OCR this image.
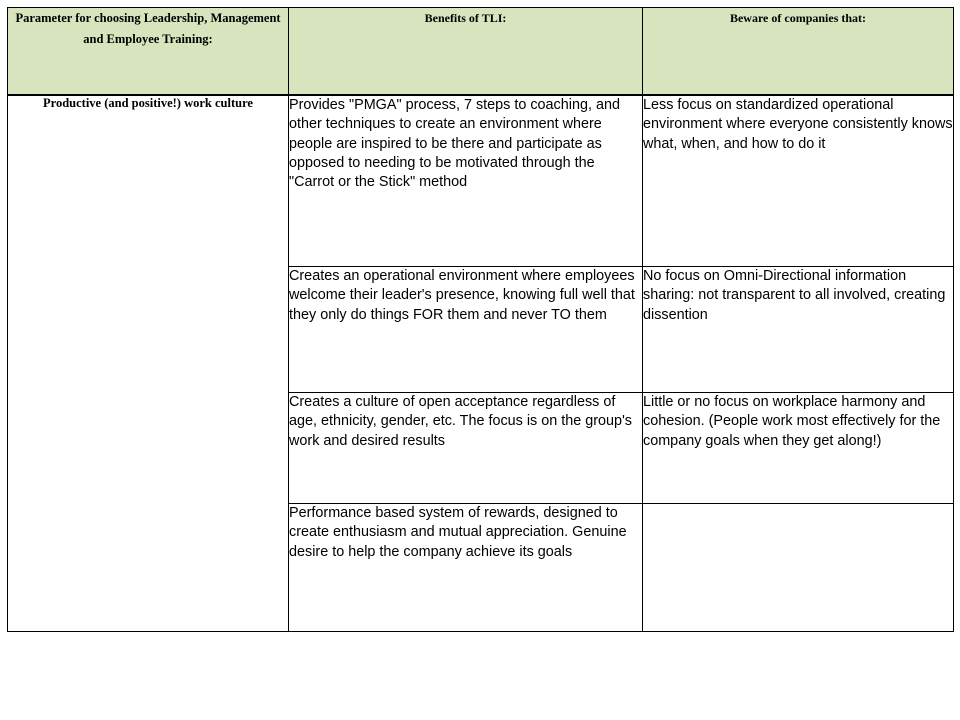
Parameter for choosing Leadership, Management and Employee Training:	Benefits of TLI:	Beware of companies that:
Productive (and positive!) work culture	Provides "PMGA" process, 7 steps to coaching, and other techniques to create an environment where people are inspired to be there and participate as opposed to needing to be motivated through the "Carrot or the Stick" method	Less focus on standardized operational environment where everyone consistently knows what, when, and how to do it
	Creates an operational environment where employees welcome their leader's presence, knowing full well that they only do things FOR them and never TO them	No focus on Omni-Directional information sharing: not transparent to all involved, creating dissention
	Creates a culture of open acceptance regardless of age, ethnicity, gender, etc. The focus is on the group's work and desired results	Little or no focus on workplace harmony and cohesion. (People work most effectively for the company goals when they get along!)
	Performance based system of rewards, designed to create enthusiasm and mutual appreciation. Genuine desire to help the company achieve its goals	
